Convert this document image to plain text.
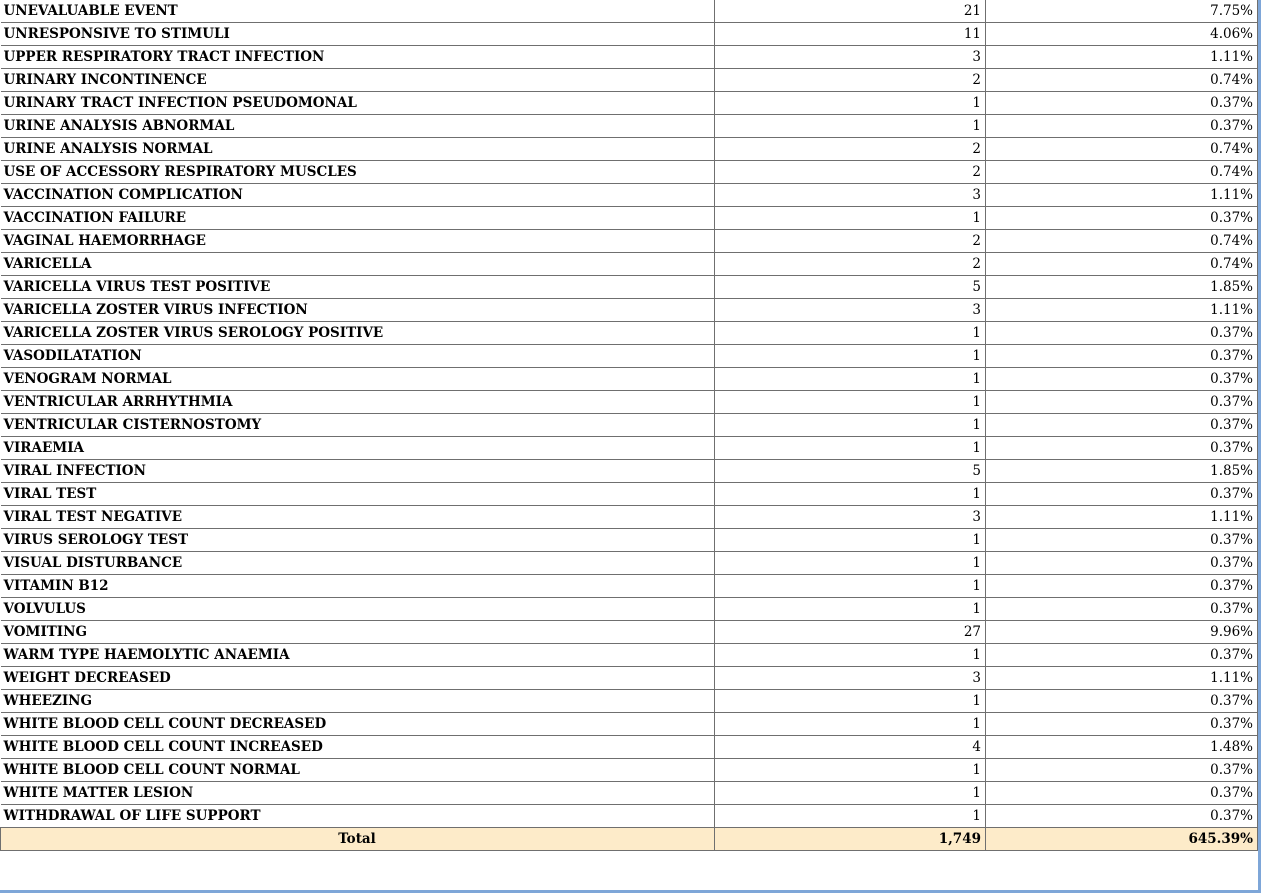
UNEVALUABLE EVENT	21	7.75%
UNRESPONSIVE TO STIMULI	11	4.06%
UPPER RESPIRATORY TRACT INFECTION	3	1.11%
URINARY INCONTINENCE	2	0.74%
URINARY TRACT INFECTION PSEUDOMONAL	1	0.37%
URINE ANALYSIS ABNORMAL	1	0.37%
URINE ANALYSIS NORMAL	2	0.74%
USE OF ACCESSORY RESPIRATORY MUSCLES	2	0.74%
VACCINATION COMPLICATION	3	1.11%
VACCINATION FAILURE	1	0.37%
VAGINAL HAEMORRHAGE	2	0.74%
VARICELLA	2	0.74%
VARICELLA VIRUS TEST POSITIVE	5	1.85%
VARICELLA ZOSTER VIRUS INFECTION	3	1.11%
VARICELLA ZOSTER VIRUS SEROLOGY POSITIVE	1	0.37%
VASODILATATION	1	0.37%
VENOGRAM NORMAL	1	0.37%
VENTRICULAR ARRHYTHMIA	1	0.37%
VENTRICULAR CISTERNOSTOMY	1	0.37%
VIRAEMIA	1	0.37%
VIRAL INFECTION	5	1.85%
VIRAL TEST	1	0.37%
VIRAL TEST NEGATIVE	3	1.11%
VIRUS SEROLOGY TEST	1	0.37%
VISUAL DISTURBANCE	1	0.37%
VITAMIN B12	1	0.37%
VOLVULUS	1	0.37%
VOMITING	27	9.96%
WARM TYPE HAEMOLYTIC ANAEMIA	1	0.37%
WEIGHT DECREASED	3	1.11%
WHEEZING	1	0.37%
WHITE BLOOD CELL COUNT DECREASED	1	0.37%
WHITE BLOOD CELL COUNT INCREASED	4	1.48%
WHITE BLOOD CELL COUNT NORMAL	1	0.37%
WHITE MATTER LESION	1	0.37%
WITHDRAWAL OF LIFE SUPPORT	1	0.37%
Total	1,749	645.39%
